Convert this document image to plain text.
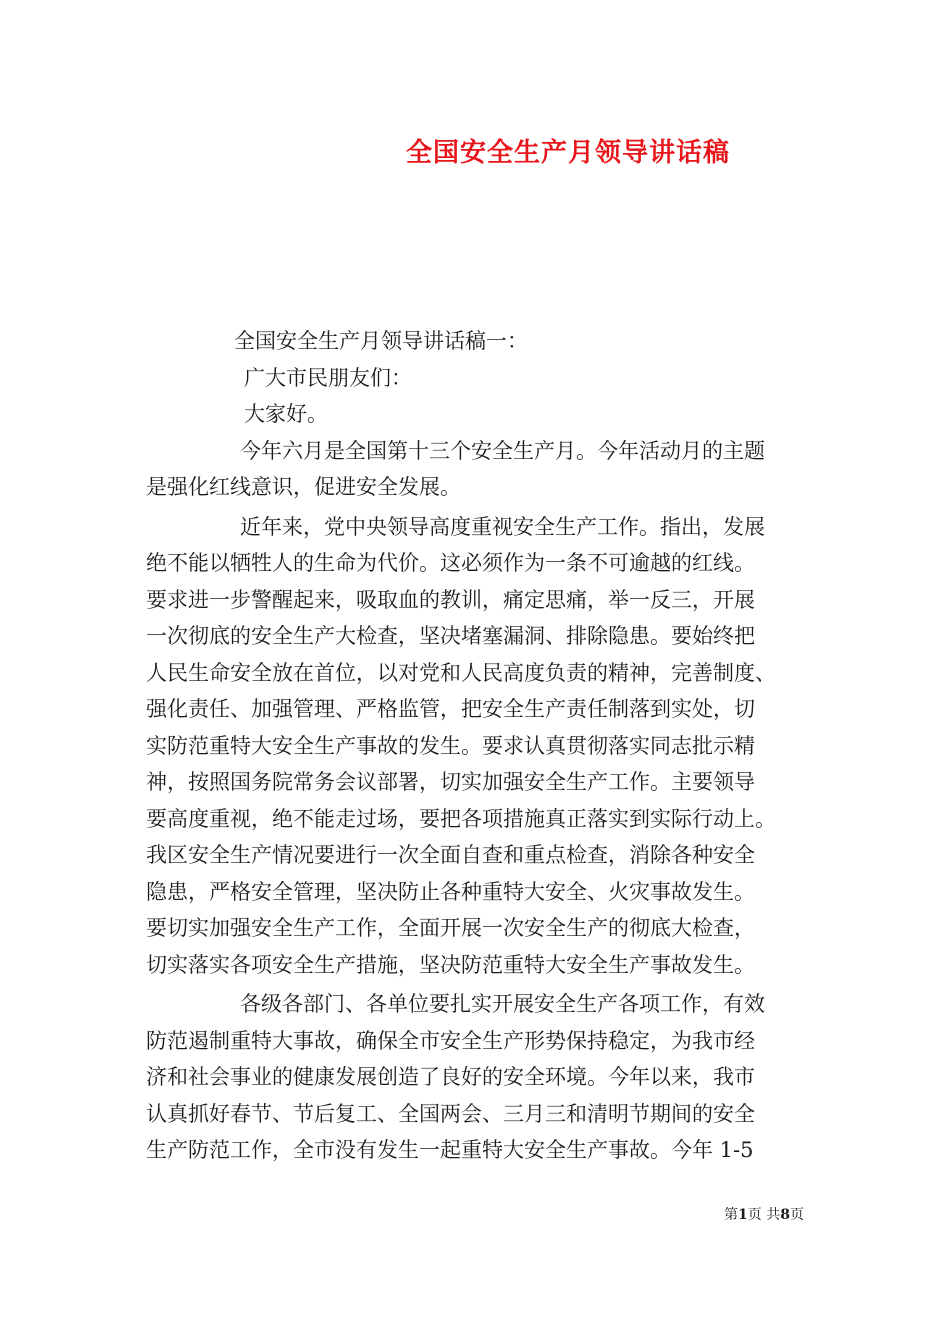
全国安全生产月领导讲话稿
全国安全生产月领导讲话稿一：
广大市民朋友们：
大家好。
今年六月是全国第十三个安全生产月。今年活动月的主题
是强化红线意识，促进安全发展。
近年来，党中央领导高度重视安全生产工作。指出，发展
绝不能以牺牲人的生命为代价。这必须作为一条不可逾越的红线。
要求进一步警醒起来，吸取血的教训，痛定思痛，举一反三，开展
一次彻底的安全生产大检查，坚决堵塞漏洞、排除隐患。要始终把
人民生命安全放在首位，以对党和人民高度负责的精神，完善制度、
强化责任、加强管理、严格监管，把安全生产责任制落到实处，切
实防范重特大安全生产事故的发生。要求认真贯彻落实同志批示精
神，按照国务院常务会议部署，切实加强安全生产工作。主要领导
要高度重视，绝不能走过场，要把各项措施真正落实到实际行动上。
我区安全生产情况要进行一次全面自查和重点检查，消除各种安全
隐患，严格安全管理，坚决防止各种重特大安全、火灾事故发生。
要切实加强安全生产工作，全面开展一次安全生产的彻底大检查，
切实落实各项安全生产措施，坚决防范重特大安全生产事故发生。
各级各部门、各单位要扎实开展安全生产各项工作，有效
防范遏制重特大事故，确保全市安全生产形势保持稳定，为我市经
济和社会事业的健康发展创造了良好的安全环境。今年以来，我市
认真抓好春节、节后复工、全国两会、三月三和清明节期间的安全
生产防范工作，全市没有发生一起重特大安全生产事故。今年 1-5
第1页 共8页
